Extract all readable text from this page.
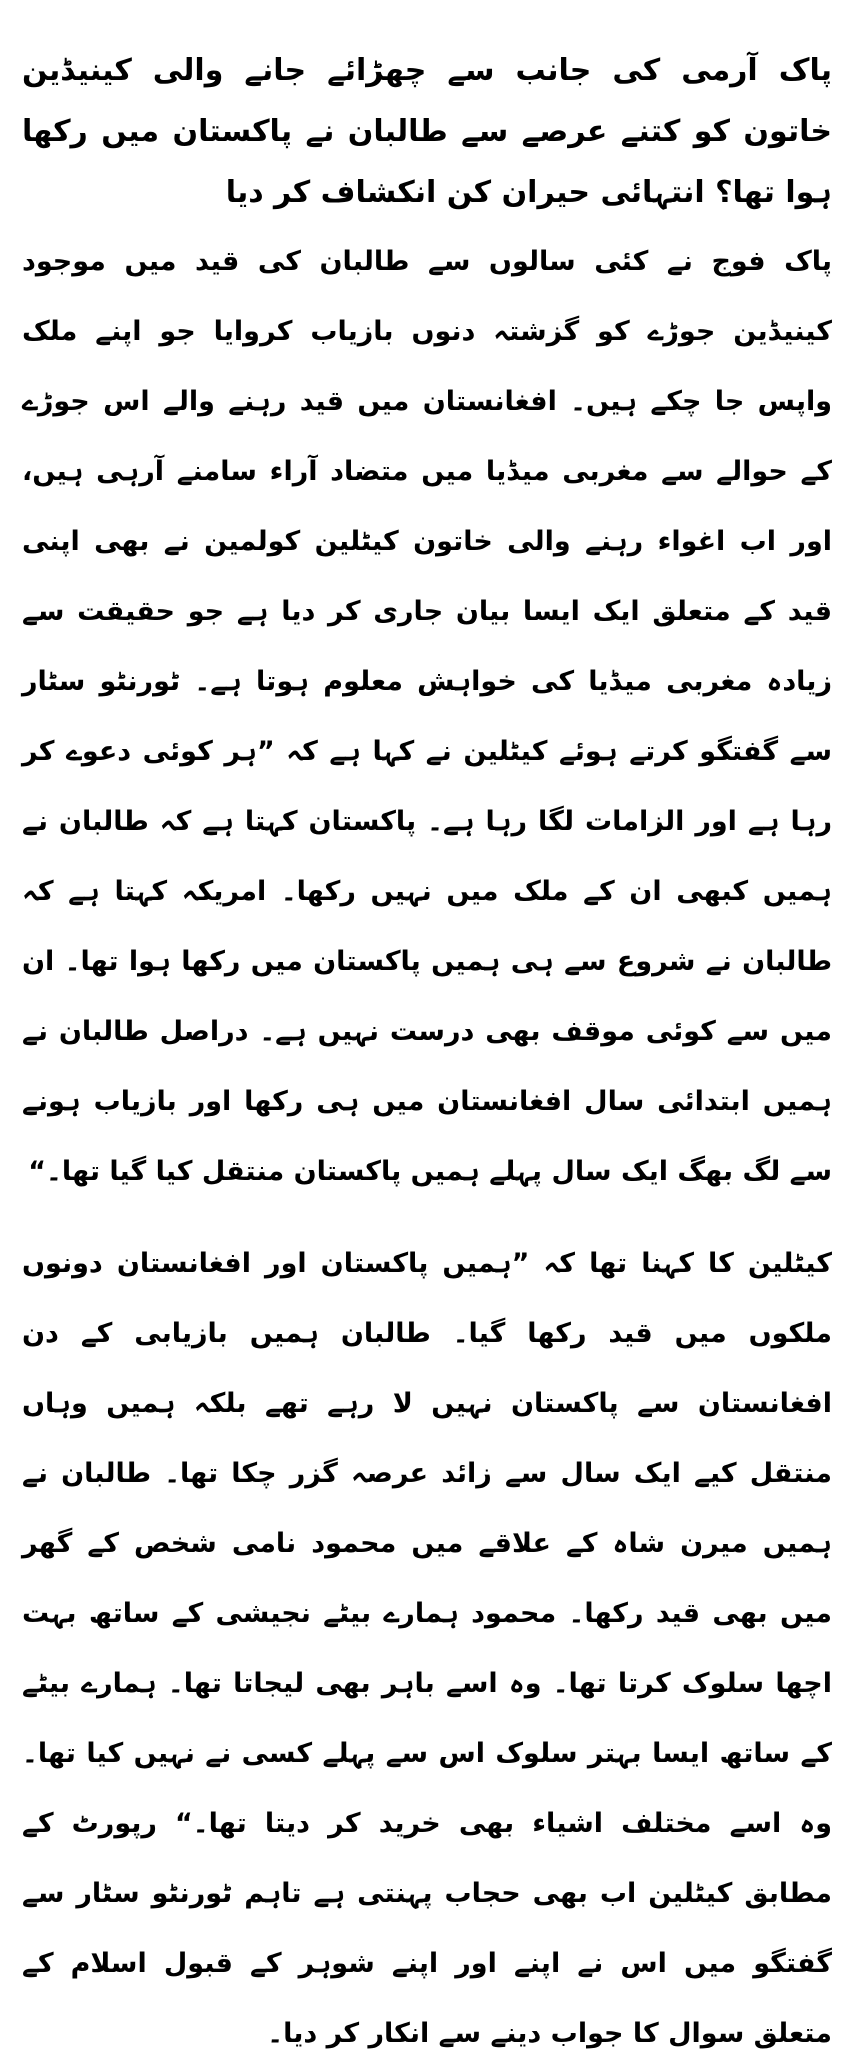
پاک آرمی کی جانب سے چھڑائے جانے والی کینیڈین خاتون کو کتنے عرصے سے طالبان نے پاکستان میں رکھا ہوا تھا؟ انتہائی حیران کن انکشاف کر دیا

پاک فوج نے کئی سالوں سے طالبان کی قید میں موجود کینیڈین جوڑے کو گزشتہ دنوں بازیاب کروایا جو اپنے ملک واپس جا چکے ہیں۔ افغانستان میں قید رہنے والے اس جوڑے کے حوالے سے مغربی میڈیا میں متضاد آراء سامنے آرہی ہیں، اور اب اغواء رہنے والی خاتون کیٹلین کولمین نے بھی اپنی قید کے متعلق ایک ایسا بیان جاری کر دیا ہے جو حقیقت سے زیادہ مغربی میڈیا کی خواہش معلوم ہوتا ہے۔ ٹورنٹو سٹار سے گفتگو کرتے ہوئے کیٹلین نے کہا ہے کہ ”ہر کوئی دعوے کر رہا ہے اور الزامات لگا رہا ہے۔ پاکستان کہتا ہے کہ طالبان نے ہمیں کبھی ان کے ملک میں نہیں رکھا۔ امریکہ کہتا ہے کہ طالبان نے شروع سے ہی ہمیں پاکستان میں رکھا ہوا تھا۔ ان میں سے کوئی موقف بھی درست نہیں ہے۔ دراصل طالبان نے ہمیں ابتدائی سال افغانستان میں ہی رکھا اور بازیاب ہونے سے لگ بھگ ایک سال پہلے ہمیں پاکستان منتقل کیا گیا تھا۔“

کیٹلین کا کہنا تھا کہ ”ہمیں پاکستان اور افغانستان دونوں ملکوں میں قید رکھا گیا۔ طالبان ہمیں بازیابی کے دن افغانستان سے پاکستان نہیں لا رہے تھے بلکہ ہمیں وہاں منتقل کیے ایک سال سے زائد عرصہ گزر چکا تھا۔ طالبان نے ہمیں میرن شاہ کے علاقے میں محمود نامی شخص کے گھر میں بھی قید رکھا۔ محمود ہمارے بیٹے نجیشی کے ساتھ بہت اچھا سلوک کرتا تھا۔ وہ اسے باہر بھی لیجاتا تھا۔ ہمارے بیٹے کے ساتھ ایسا بہتر سلوک اس سے پہلے کسی نے نہیں کیا تھا۔ وہ اسے مختلف اشیاء بھی خرید کر دیتا تھا۔“ رپورٹ کے مطابق کیٹلین اب بھی حجاب پہنتی ہے تاہم ٹورنٹو سٹار سے گفتگو میں اس نے اپنے اور اپنے شوہر کے قبول اسلام کے متعلق سوال کا جواب دینے سے انکار کر دیا۔
